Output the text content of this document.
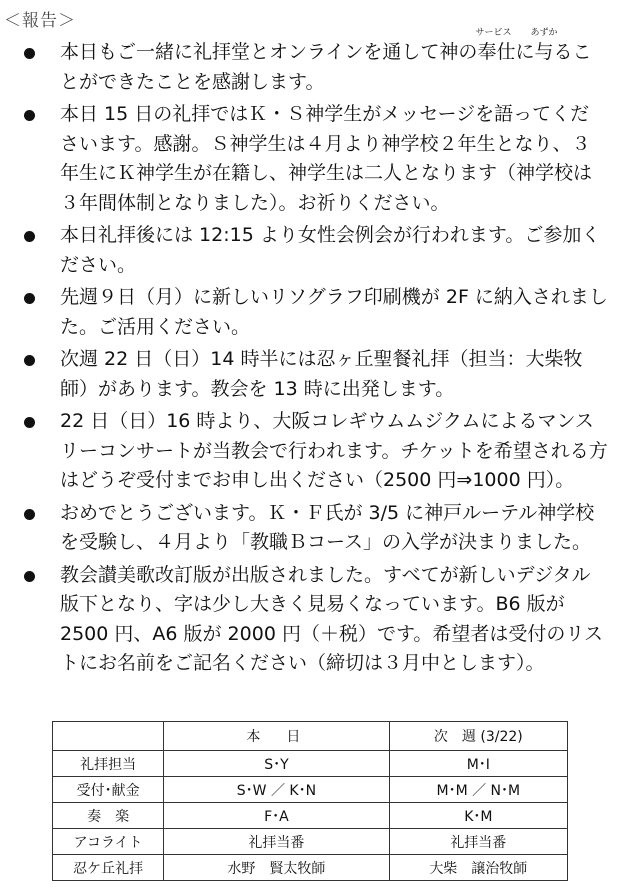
＜報告＞
本日もご一緒に礼拝堂とオンラインを通して神の
サービス
奉仕に
あずか
与ることができたことを感謝します。
本日 15 日の礼拝ではＫ・Ｓ神学生がメッセージを語ってくださいます。感謝。Ｓ神学生は４月より神学校２年生となり、３年生にＫ神学生が在籍し、神学生は二人となります（神学校は３年間体制となりました）。お祈りください。
本日礼拝後には 12:15 より女性会例会が行われます。ご参加ください。
先週９日（月）に新しいリソグラフ印刷機が 2F に納入されました。ご活用ください。
次週 22 日（日）14 時半には忍ヶ丘聖餐礼拝（担当：大柴牧師）があります。教会を 13 時に出発します。
22 日（日）16 時より、大阪コレギウムムジクムによるマンスリーコンサートが当教会で行われます。チケットを希望される方はどうぞ受付までお申し出ください（2500 円⇒1000 円）。
おめでとうございます。Ｋ・Ｆ氏が 3/5 に神戸ルーテル神学校を受験し、４月より「教職Ｂコース」の入学が決まりました。
教会讃美歌改訂版が出版されました。すべてが新しいデジタル版下となり、字は少し大きく見易くなっています。B6 版が 2500 円、A6 版が 2000 円（＋税）です。希望者は受付のリストにお名前をご記名ください（締切は３月中とします）。
	本　日	次　週 (3/22)
礼拝担当	S･Y	M･I
受付･献金	S･W ／ K･N	M･M ／ N･M
奏　楽	F･A	K･M
アコライト	礼拝当番	礼拝当番
忍ケ丘礼拝	水野　賢太牧師	大柴　譲治牧師
